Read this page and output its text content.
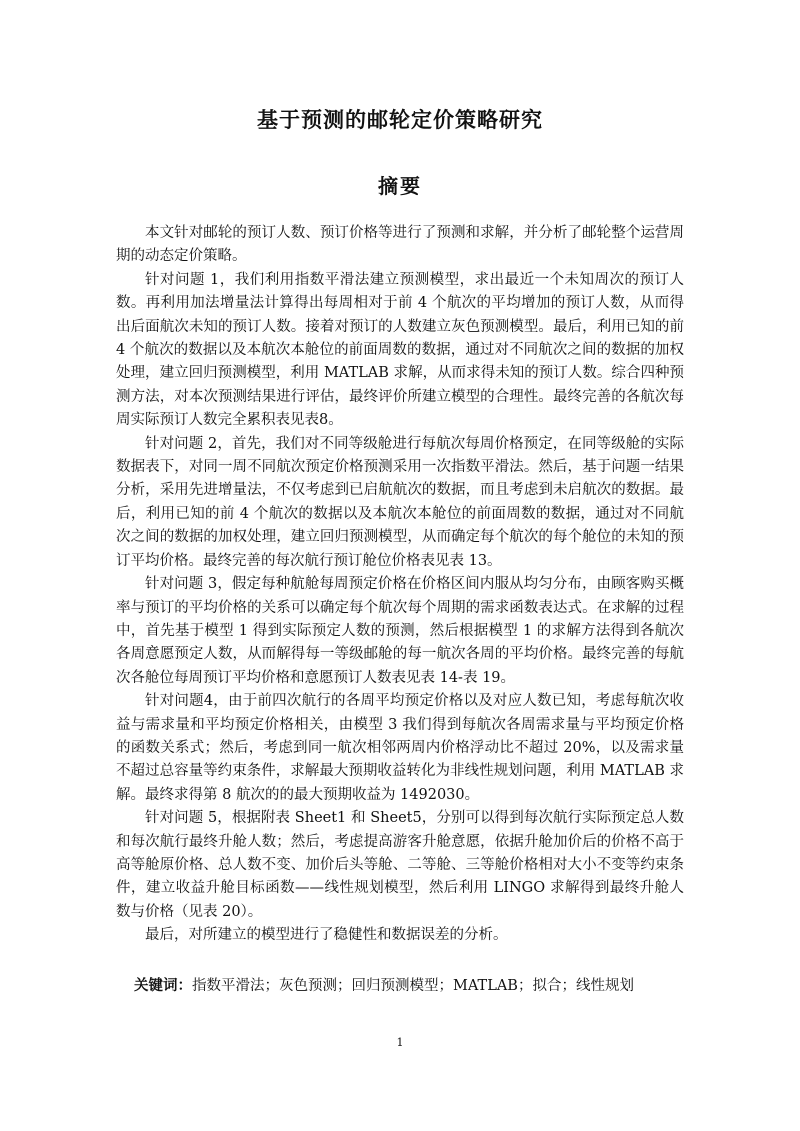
基于预测的邮轮定价策略研究
摘要

本文针对邮轮的预订人数、预订价格等进行了预测和求解，并分析了邮轮整个运营周期的动态定价策略。

针对问题 1，我们利用指数平滑法建立预测模型，求出最近一个未知周次的预订人数。再利用加法增量法计算得出每周相对于前 4 个航次的平均增加的预订人数，从而得出后面航次未知的预订人数。接着对预订的人数建立灰色预测模型。最后，利用已知的前 4 个航次的数据以及本航次本舱位的前面周数的数据，通过对不同航次之间的数据的加权处理，建立回归预测模型，利用 MATLAB 求解，从而求得未知的预订人数。综合四种预测方法，对本次预测结果进行评估，最终评价所建立模型的合理性。最终完善的各航次每周实际预订人数完全累积表见表8。

针对问题 2，首先，我们对不同等级舱进行每航次每周价格预定，在同等级舱的实际数据表下，对同一周不同航次预定价格预测采用一次指数平滑法。然后，基于问题一结果分析，采用先进增量法，不仅考虑到已启航航次的数据，而且考虑到未启航次的数据。最后，利用已知的前 4 个航次的数据以及本航次本舱位的前面周数的数据，通过对不同航次之间的数据的加权处理，建立回归预测模型，从而确定每个航次的每个舱位的未知的预订平均价格。最终完善的每次航行预订舱位价格表见表 13。

针对问题 3，假定每种航舱每周预定价格在价格区间内服从均匀分布，由顾客购买概率与预订的平均价格的关系可以确定每个航次每个周期的需求函数表达式。在求解的过程中，首先基于模型 1 得到实际预定人数的预测，然后根据模型 1 的求解方法得到各航次各周意愿预定人数，从而解得每一等级邮舱的每一航次各周的平均价格。最终完善的每航次各舱位每周预订平均价格和意愿预订人数表见表 14-表 19。

针对问题4，由于前四次航行的各周平均预定价格以及对应人数已知，考虑每航次收益与需求量和平均预定价格相关，由模型 3 我们得到每航次各周需求量与平均预定价格的函数关系式；然后，考虑到同一航次相邻两周内价格浮动比不超过 20%，以及需求量不超过总容量等约束条件，求解最大预期收益转化为非线性规划问题，利用 MATLAB 求解。最终求得第 8 航次的的最大预期收益为 1492030。

针对问题 5，根据附表 Sheet1 和 Sheet5，分别可以得到每次航行实际预定总人数和每次航行最终升舱人数；然后，考虑提高游客升舱意愿，依据升舱加价后的价格不高于高等舱原价格、总人数不变、加价后头等舱、二等舱、三等舱价格相对大小不变等约束条件，建立收益升舱目标函数——线性规划模型，然后利用 LINGO 求解得到最终升舱人数与价格（见表 20）。

最后，对所建立的模型进行了稳健性和数据误差的分析。

关键词：指数平滑法；灰色预测；回归预测模型；MATLAB；拟合；线性规划
1
